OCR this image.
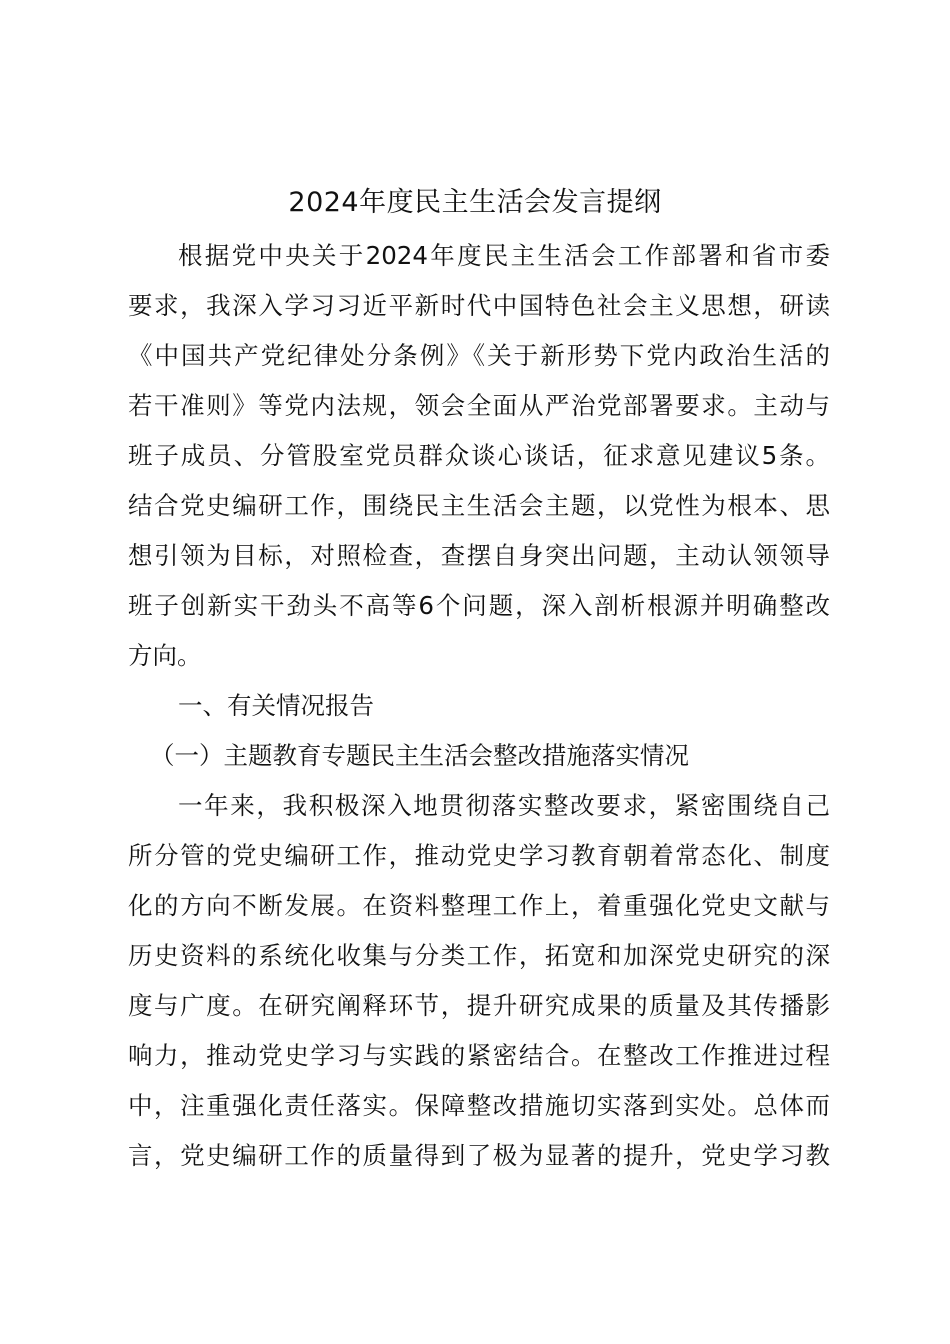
2024年度民主生活会发言提纲
根据党中央关于2024年度民主生活会工作部署和省市委
要求，我深入学习习近平新时代中国特色社会主义思想，研读
《中国共产党纪律处分条例》《关于新形势下党内政治生活的
若干准则》等党内法规，领会全面从严治党部署要求。主动与
班子成员、分管股室党员群众谈心谈话，征求意见建议5条。
结合党史编研工作，围绕民主生活会主题，以党性为根本、思
想引领为目标，对照检查，查摆自身突出问题，主动认领领导
班子创新实干劲头不高等6个问题，深入剖析根源并明确整改
方向。
一、有关情况报告
（一）主题教育专题民主生活会整改措施落实情况
一年来，我积极深入地贯彻落实整改要求，紧密围绕自己
所分管的党史编研工作，推动党史学习教育朝着常态化、制度
化的方向不断发展。在资料整理工作上，着重强化党史文献与
历史资料的系统化收集与分类工作，拓宽和加深党史研究的深
度与广度。在研究阐释环节，提升研究成果的质量及其传播影
响力，推动党史学习与实践的紧密结合。在整改工作推进过程
中，注重强化责任落实。保障整改措施切实落到实处。总体而
言，党史编研工作的质量得到了极为显著的提升，党史学习教
